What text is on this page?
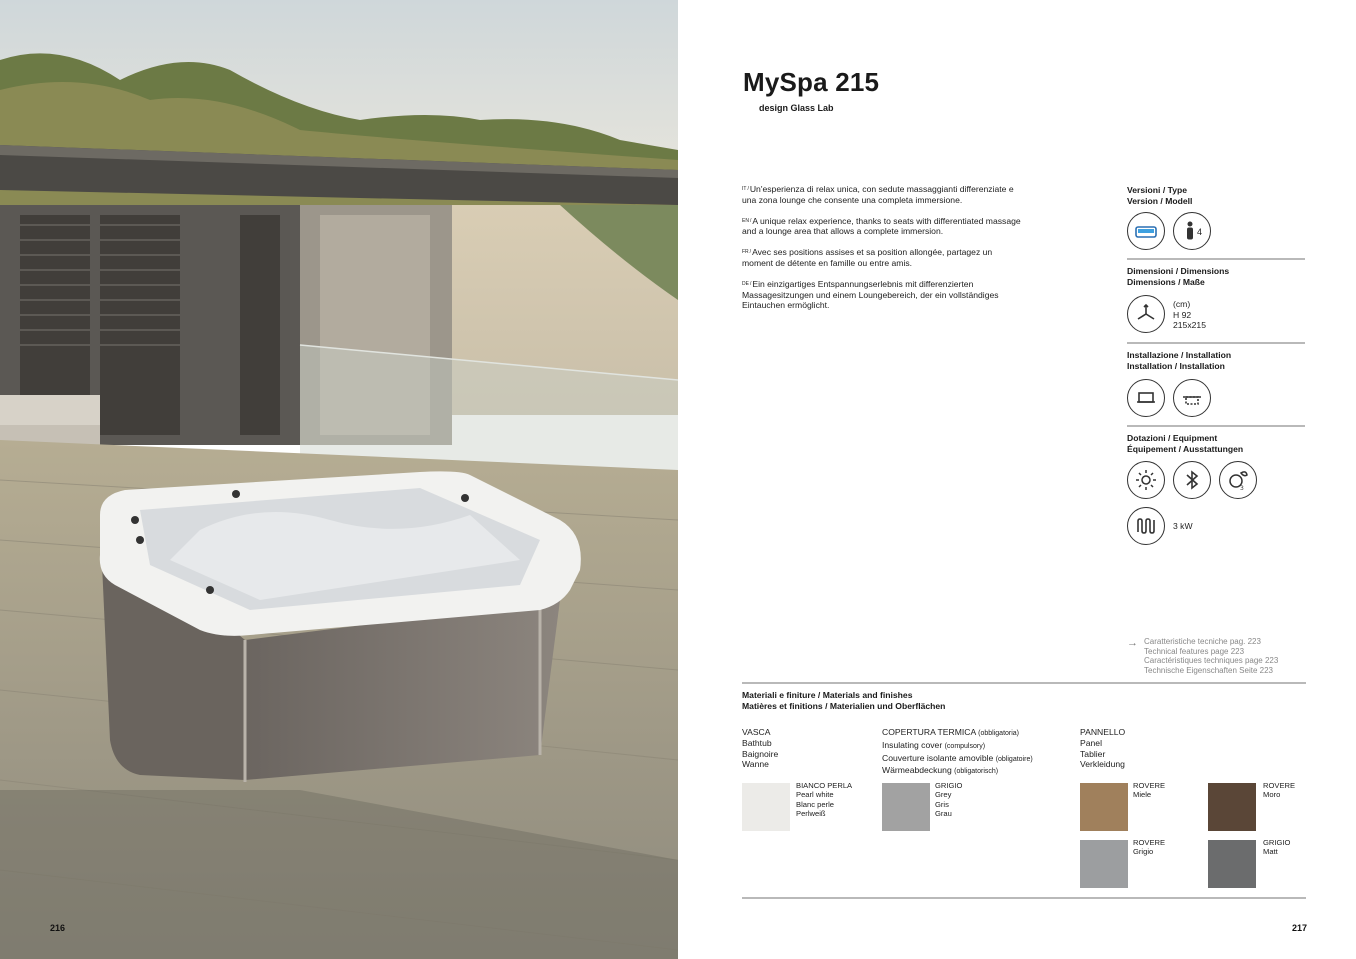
216
MySpa 215
design Glass Lab

$^{IT/}$Un'esperienza di relax unica, con sedute massaggianti differenziate e una zona lounge che consente una completa immersione.

$^{EN/}$A unique relax experience, thanks to seats with differentiated massage and a lounge area that allows a complete immersion.

$^{FR/}$Avec ses positions assises et sa position allongée, partagez un moment de détente en famille ou entre amis.

$^{DE/}$Ein einzigartiges Entspannungserlebnis mit differenzierten Massagesitzungen und einem Loungebereich, der ein vollständiges Eintauchen ermöglicht.

Versioni / Type
Version / Modell
4
Dimensioni / Dimensions
Dimensions / Maße
(cm)
H 92
215x215
Installazione / Installation
Installation / Installation
Dotazioni / Equipment
Équipement / Ausstattungen
3
3 kW
→ Caratteristiche tecniche pag. 223
Technical features page 223
Caractéristiques techniques page 223
Technische Eigenschaften Seite 223
Materiali e finiture / Materials and finishes
Matières et finitions / Materialien und Oberflächen
VASCA
Bathtub
Baignoire
Wanne
COPERTURA TERMICA (obbligatoria)
Insulating cover (compulsory)
Couverture isolante amovible (obligatoire)
Wärmeabdeckung (obligatorisch)
PANNELLO
Panel
Tablier
Verkleidung
BIANCO PERLA
Pearl white
Blanc perle
Perlweiß
GRIGIO
Grey
Gris
Grau
ROVERE
Miele
ROVERE
Moro
ROVERE
Grigio
GRIGIO
Matt
217
